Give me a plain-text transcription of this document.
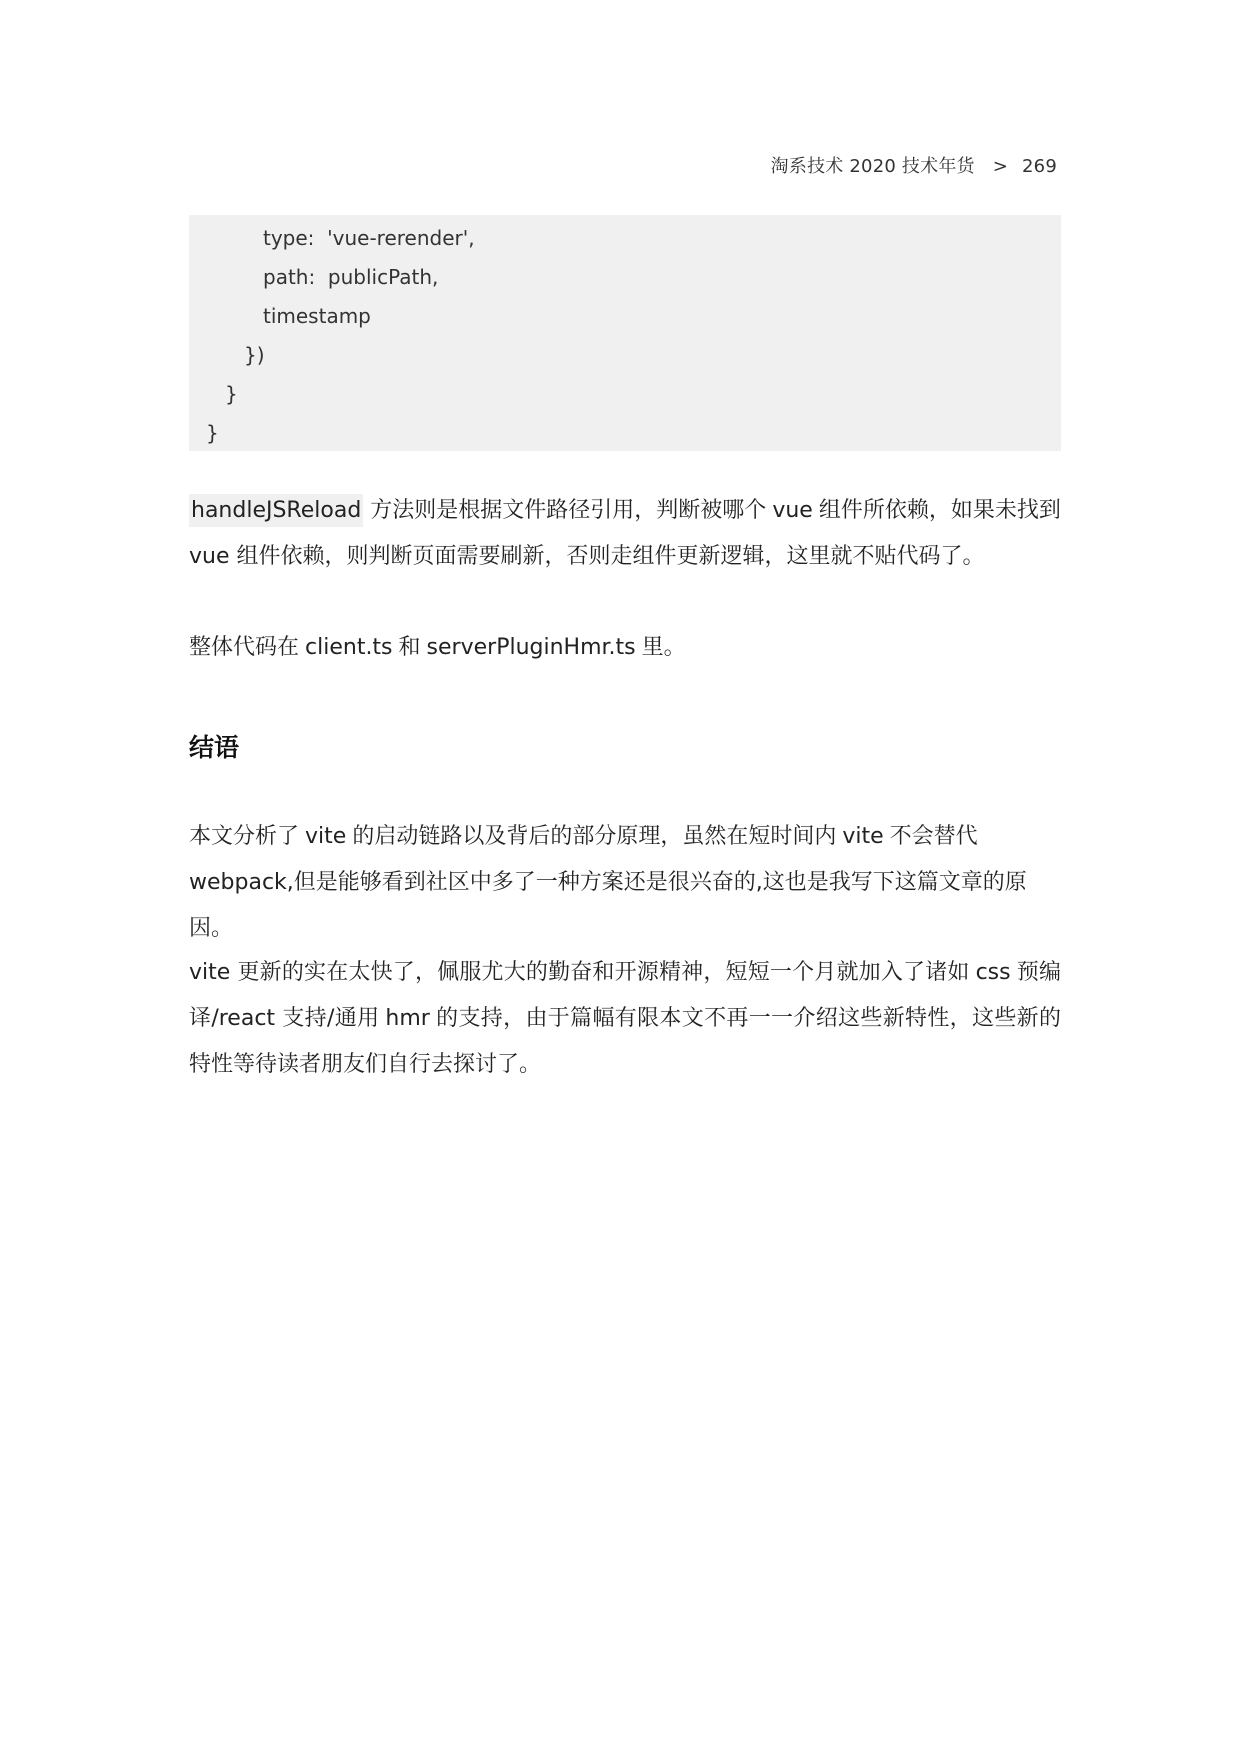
淘系技术 2020 技术年货 > 269
type:  'vue-rerender',
path:  publicPath,
timestamp
})
}
}

handleJSReload 方法则是根据文件路径引用，判断被哪个 vue 组件所依赖，如果未找到
vue 组件依赖，则判断页面需要刷新，否则走组件更新逻辑，这里就不贴代码了。

整体代码在 client.ts 和 serverPluginHmr.ts 里。

结语

本文分析了 vite 的启动链路以及背后的部分原理，虽然在短时间内 vite 不会替代
webpack,但是能够看到社区中多了一种方案还是很兴奋的,这也是我写下这篇文章的原因。

vite 更新的实在太快了，佩服尤大的勤奋和开源精神，短短一个月就加入了诸如 css 预编译/react 支持/通用 hmr 的支持，由于篇幅有限本文不再一一介绍这些新特性，这些新的特性等待读者朋友们自行去探讨了。
